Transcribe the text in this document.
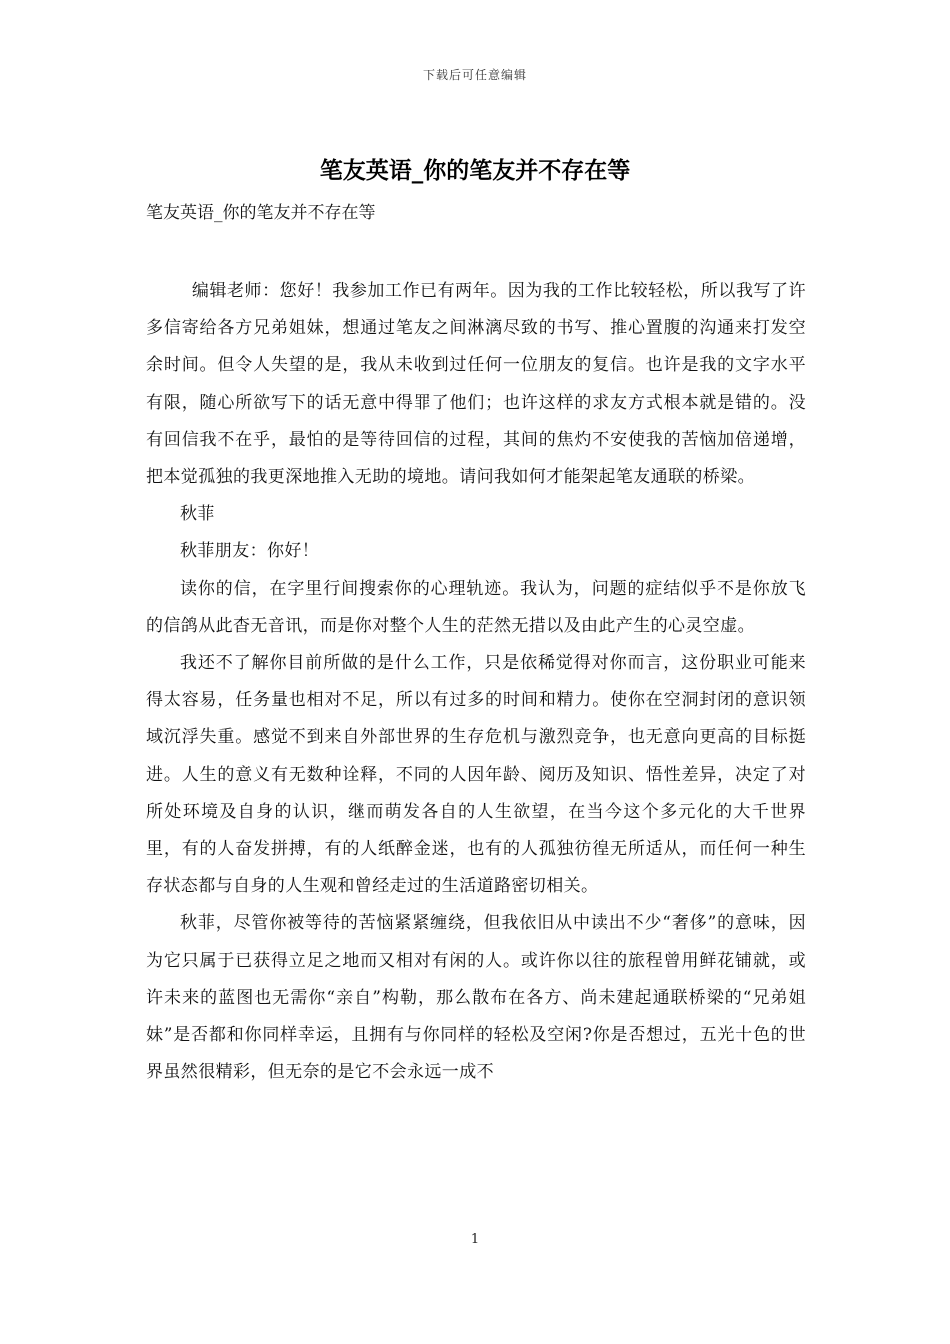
下载后可任意编辑
笔友英语_你的笔友并不存在等
笔友英语_你的笔友并不存在等

编辑老师：您好！我参加工作已有两年。因为我的工作比较轻松，所以我写了许多信寄给各方兄弟姐妹，想通过笔友之间淋漓尽致的书写、推心置腹的沟通来打发空余时间。但令人失望的是，我从未收到过任何一位朋友的复信。也许是我的文字水平有限，随心所欲写下的话无意中得罪了他们；也许这样的求友方式根本就是错的。没有回信我不在乎，最怕的是等待回信的过程，其间的焦灼不安使我的苦恼加倍递增，把本觉孤独的我更深地推入无助的境地。请问我如何才能架起笔友通联的桥梁。

秋菲

秋菲朋友：你好！

读你的信，在字里行间搜索你的心理轨迹。我认为，问题的症结似乎不是你放飞的信鸽从此杳无音讯，而是你对整个人生的茫然无措以及由此产生的心灵空虚。

我还不了解你目前所做的是什么工作，只是依稀觉得对你而言，这份职业可能来得太容易，任务量也相对不足，所以有过多的时间和精力。使你在空洞封闭的意识领域沉浮失重。感觉不到来自外部世界的生存危机与激烈竞争，也无意向更高的目标挺进。人生的意义有无数种诠释，不同的人因年龄、阅历及知识、悟性差异，决定了对所处环境及自身的认识，继而萌发各自的人生欲望，在当今这个多元化的大千世界里，有的人奋发拼搏，有的人纸醉金迷，也有的人孤独彷徨无所适从，而任何一种生存状态都与自身的人生观和曾经走过的生活道路密切相关。

秋菲，尽管你被等待的苦恼紧紧缠绕，但我依旧从中读出不少“奢侈”的意味，因为它只属于已获得立足之地而又相对有闲的人。或许你以往的旅程曾用鲜花铺就，或许未来的蓝图也无需你“亲自”构勒，那么散布在各方、尚未建起通联桥梁的“兄弟姐妹”是否都和你同样幸运，且拥有与你同样的轻松及空闲?你是否想过，五光十色的世界虽然很精彩，但无奈的是它不会永远一成不

1
